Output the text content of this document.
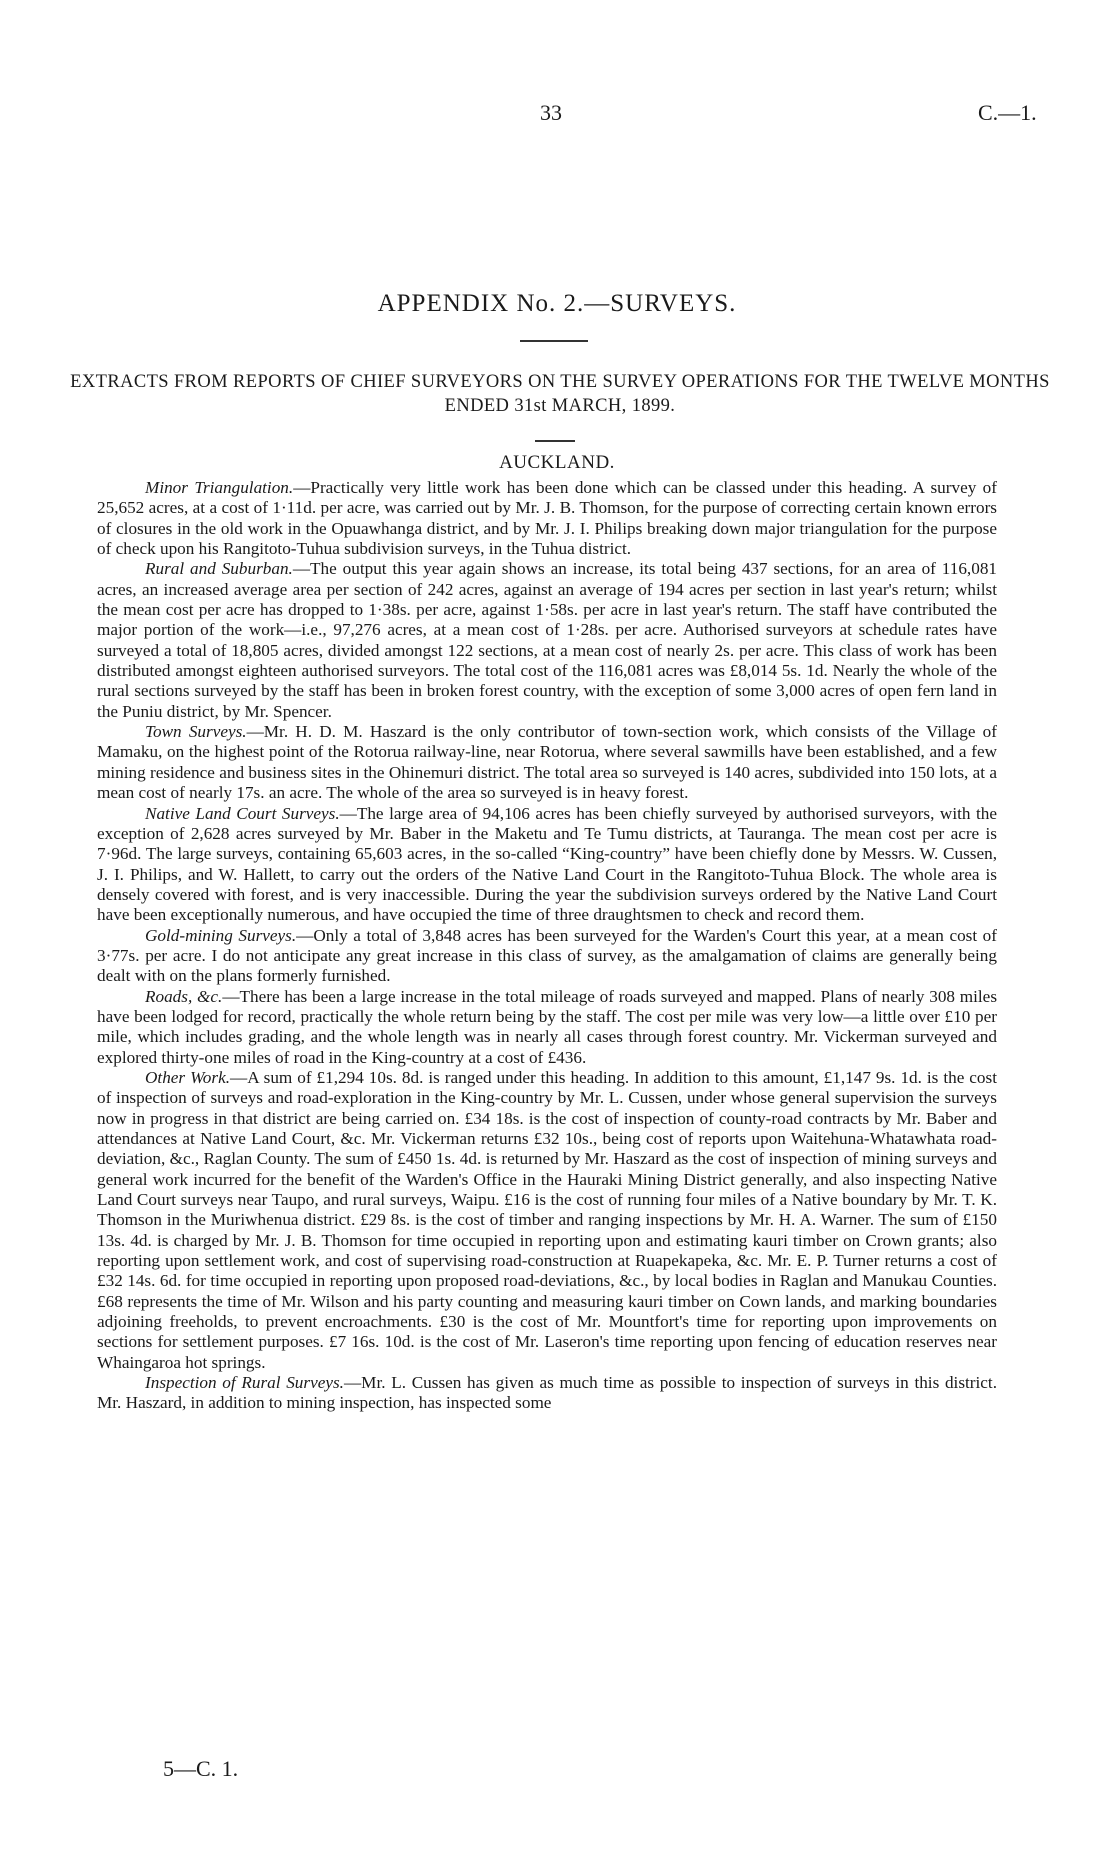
33	C.—1.
APPENDIX No. 2.—SURVEYS.
EXTRACTS FROM REPORTS OF CHIEF SURVEYORS ON THE SURVEY OPERATIONS FOR THE TWELVE MONTHS ENDED 31st MARCH, 1899.
AUCKLAND.

Minor Triangulation.—Practically very little work has been done which can be classed under this heading. A survey of 25,652 acres, at a cost of 1·11d. per acre, was carried out by Mr. J. B. Thomson, for the purpose of correcting certain known errors of closures in the old work in the Opuawhanga district, and by Mr. J. I. Philips breaking down major triangulation for the purpose of check upon his Rangitoto-Tuhua subdivision surveys, in the Tuhua district.

Rural and Suburban.—The output this year again shows an increase, its total being 437 sections, for an area of 116,081 acres, an increased average area per section of 242 acres, against an average of 194 acres per section in last year's return; whilst the mean cost per acre has dropped to 1·38s. per acre, against 1·58s. per acre in last year's return. The staff have contributed the major portion of the work—i.e., 97,276 acres, at a mean cost of 1·28s. per acre. Authorised surveyors at schedule rates have surveyed a total of 18,805 acres, divided amongst 122 sections, at a mean cost of nearly 2s. per acre. This class of work has been distributed amongst eighteen authorised surveyors. The total cost of the 116,081 acres was £8,014 5s. 1d. Nearly the whole of the rural sections surveyed by the staff has been in broken forest country, with the exception of some 3,000 acres of open fern land in the Puniu district, by Mr. Spencer.

Town Surveys.—Mr. H. D. M. Haszard is the only contributor of town-section work, which consists of the Village of Mamaku, on the highest point of the Rotorua railway-line, near Rotorua, where several sawmills have been established, and a few mining residence and business sites in the Ohinemuri district. The total area so surveyed is 140 acres, subdivided into 150 lots, at a mean cost of nearly 17s. an acre. The whole of the area so surveyed is in heavy forest.

Native Land Court Surveys.—The large area of 94,106 acres has been chiefly surveyed by authorised surveyors, with the exception of 2,628 acres surveyed by Mr. Baber in the Maketu and Te Tumu districts, at Tauranga. The mean cost per acre is 7·96d. The large surveys, containing 65,603 acres, in the so-called “King-country” have been chiefly done by Messrs. W. Cussen, J. I. Philips, and W. Hallett, to carry out the orders of the Native Land Court in the Rangitoto-Tuhua Block. The whole area is densely covered with forest, and is very inaccessible. During the year the subdivision surveys ordered by the Native Land Court have been exceptionally numerous, and have occupied the time of three draughtsmen to check and record them.

Gold-mining Surveys.—Only a total of 3,848 acres has been surveyed for the Warden's Court this year, at a mean cost of 3·77s. per acre. I do not anticipate any great increase in this class of survey, as the amalgamation of claims are generally being dealt with on the plans formerly furnished.

Roads, &c.—There has been a large increase in the total mileage of roads surveyed and mapped. Plans of nearly 308 miles have been lodged for record, practically the whole return being by the staff. The cost per mile was very low—a little over £10 per mile, which includes grading, and the whole length was in nearly all cases through forest country. Mr. Vickerman surveyed and explored thirty-one miles of road in the King-country at a cost of £436.

Other Work.—A sum of £1,294 10s. 8d. is ranged under this heading. In addition to this amount, £1,147 9s. 1d. is the cost of inspection of surveys and road-exploration in the King-country by Mr. L. Cussen, under whose general supervision the surveys now in progress in that district are being carried on. £34 18s. is the cost of inspection of county-road contracts by Mr. Baber and attendances at Native Land Court, &c. Mr. Vickerman returns £32 10s., being cost of reports upon Waitehuna-Whatawhata road-deviation, &c., Raglan County. The sum of £450 1s. 4d. is returned by Mr. Haszard as the cost of inspection of mining surveys and general work incurred for the benefit of the Warden's Office in the Hauraki Mining District generally, and also inspecting Native Land Court surveys near Taupo, and rural surveys, Waipu. £16 is the cost of running four miles of a Native boundary by Mr. T. K. Thomson in the Muriwhenua district. £29 8s. is the cost of timber and ranging inspections by Mr. H. A. Warner. The sum of £150 13s. 4d. is charged by Mr. J. B. Thomson for time occupied in reporting upon and estimating kauri timber on Crown grants; also reporting upon settlement work, and cost of supervising road-construction at Ruapekapeka, &c. Mr. E. P. Turner returns a cost of £32 14s. 6d. for time occupied in reporting upon proposed road-deviations, &c., by local bodies in Raglan and Manukau Counties. £68 represents the time of Mr. Wilson and his party counting and measuring kauri timber on Cown lands, and marking boundaries adjoining freeholds, to prevent encroachments. £30 is the cost of Mr. Mountfort's time for reporting upon improvements on sections for settlement purposes. £7 16s. 10d. is the cost of Mr. Laseron's time reporting upon fencing of education reserves near Whaingaroa hot springs.

Inspection of Rural Surveys.—Mr. L. Cussen has given as much time as possible to inspection of surveys in this district. Mr. Haszard, in addition to mining inspection, has inspected some

5—C. 1.
